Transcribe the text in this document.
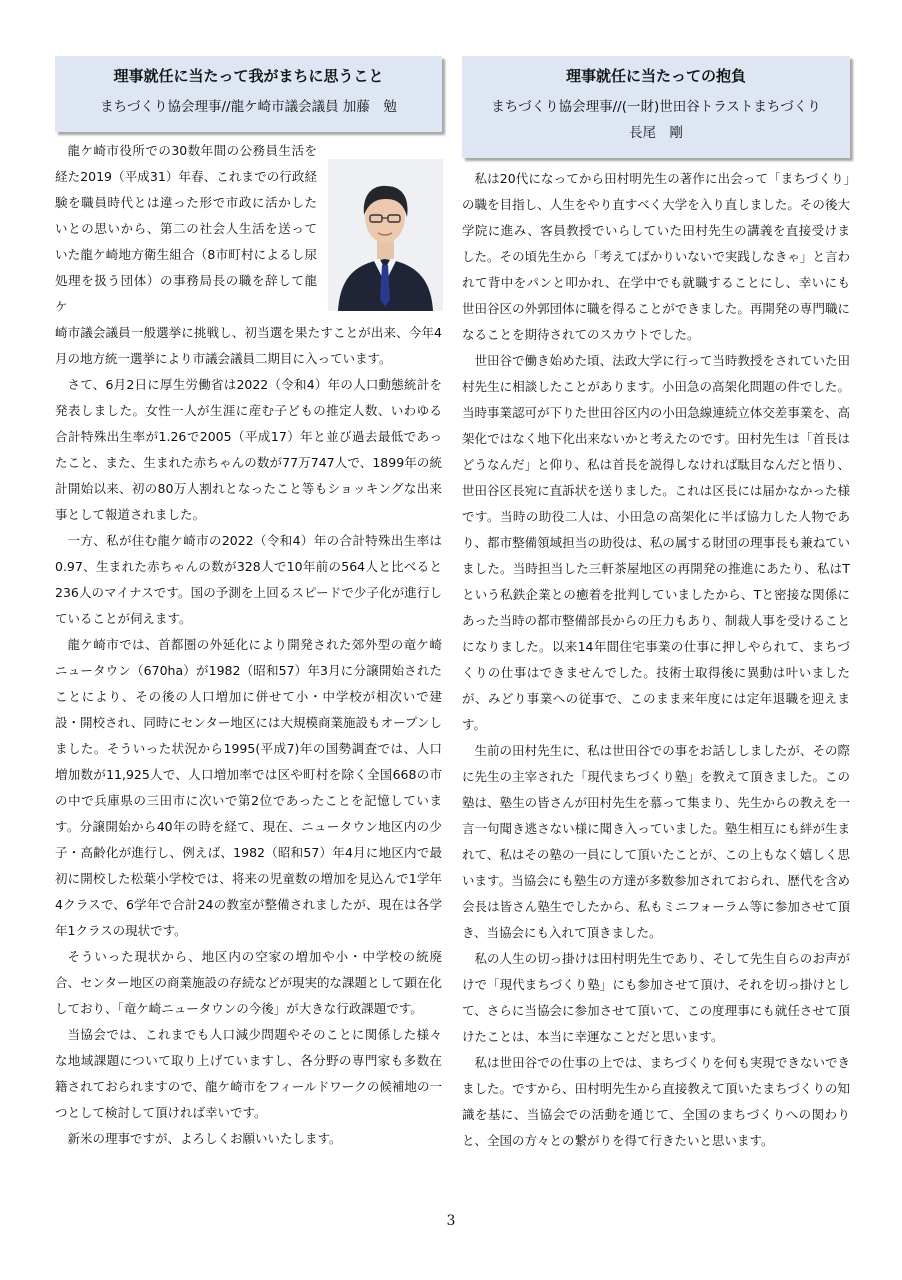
理事就任に当たって我がまちに思うこと

まちづくり協会理事//龍ケ崎市議会議員 加藤　勉

龍ケ崎市役所での30数年間の公務員生活を経た2019（平成31）年春、これまでの行政経験を職員時代とは違った形で市政に活かしたいとの思いから、第二の社会人生活を送っていた龍ケ崎地方衛生組合（8市町村によるし尿処理を扱う団体）の事務局長の職を辞して龍ケ

崎市議会議員一般選挙に挑戦し、初当選を果たすことが出来、今年4月の地方統一選挙により市議会議員二期目に入っています。

理事就任に当たっての抱負

まちづくり協会理事//(一財)世田谷トラストまちづくり

長尾　剛

私は20代になってから田村明先生の著作に出会って「まちづくり」の職を目指し、人生をやり直すべく大学を入り直しました。その後大学院に進み、客員教授でいらしていた田村先生の講義を直接受けました。その頃先生から「考えてばかりいないで実践しなきゃ」と言われて背中をパンと叩かれ、在学中でも就職することにし、幸いにも世田谷区の外郭団体に職を得ることができました。再開発の専門職になることを期待されてのスカウトでした。

世田谷で働き始めた頃、法政大学に行って当時教授をされていた田村先生に相談したことがあります。小田急の高架化問題の件でした。当時事業認可が下りた世田谷区内の小田急線連続立体交差事業を、高架化ではなく地下化出来ないかと考えたのです。田村先生は「首長はどうなんだ」と仰り、私は首長を説得しなければ駄目なんだと悟り、世田谷区長宛に直訴状を送りました。これは区長には届かなかった様です。当時の助役二人は、小田急の高架化に半ば協力した人物であり、都市整備領域担当の助役は、私の属する財団の理事長も兼ねていました。当時担当した三軒茶屋地区の再開発の推進にあたり、私はTという私鉄企業との癒着を批判していましたから、Tと密接な関係にあった当時の都市整備部長からの圧力もあり、制裁人事を受けることになりました。以来14年間住宅事業の仕事に押しやられて、まちづくりの仕事はできませんでした。技術士取得後に異動は叶いましたが、みどり事業への従事で、このまま来年度には定年退職を迎えます。

生前の田村先生に、私は世田谷での事をお話ししましたが、その際に先生の主宰された「現代まちづくり塾」を教えて頂きました。この塾は、塾生の皆さんが田村先生を慕って集まり、先生からの教えを一言一句聞き逃さない様に聞き入っていました。塾生相互にも絆が生まれて、私はその塾の一員にして頂いたことが、この上もなく嬉しく思います。当協会にも塾生の方達が多数参加されておられ、歴代を含め会長は皆さん塾生でしたから、私もミニフォーラム等に参加させて頂き、当協会にも入れて頂きました。

私の人生の切っ掛けは田村明先生であり、そして先生自らのお声がけで「現代まちづくり塾」にも参加させて頂け、それを切っ掛けとして、さらに当協会に参加させて頂いて、この度理事にも就任させて頂けたことは、本当に幸運なことだと思います。

私は世田谷での仕事の上では、まちづくりを何も実現できないできました。ですから、田村明先生から直接教えて頂いたまちづくりの知識を基に、当協会での活動を通じて、全国のまちづくりへの関わりと、全国の方々との繋がりを得て行きたいと思います。

さて、6月2日に厚生労働省は2022（令和4）年の人口動態統計を発表しました。女性一人が生涯に産む子どもの推定人数、いわゆる合計特殊出生率が1.26で2005（平成17）年と並び過去最低であったこと、また、生まれた赤ちゃんの数が77万747人で、1899年の統計開始以来、初の80万人割れとなったこと等もショッキングな出来事として報道されました。

一方、私が住む龍ケ崎市の2022（令和4）年の合計特殊出生率は0.97、生まれた赤ちゃんの数が328人で10年前の564人と比べると236人のマイナスです。国の予測を上回るスピードで少子化が進行していることが伺えます。

龍ケ崎市では、首都圏の外延化により開発された郊外型の竜ケ崎ニュータウン（670ha）が1982（昭和57）年3月に分譲開始されたことにより、その後の人口増加に併せて小・中学校が相次いで建設・開校され、同時にセンター地区には大規模商業施設もオープンしました。そういった状況から1995(平成7)年の国勢調査では、人口増加数が11,925人で、人口増加率では区や町村を除く全国668の市の中で兵庫県の三田市に次いで第2位であったことを記憶しています。分譲開始から40年の時を経て、現在、ニュータウン地区内の少子・高齢化が進行し、例えば、1982（昭和57）年4月に地区内で最初に開校した松葉小学校では、将来の児童数の増加を見込んで1学年4クラスで、6学年で合計24の教室が整備されましたが、現在は各学年1クラスの現状です。

そういった現状から、地区内の空家の増加や小・中学校の統廃合、センター地区の商業施設の存続などが現実的な課題として顕在化しており、「竜ケ崎ニュータウンの今後」が大きな行政課題です。

当協会では、これまでも人口減少問題やそのことに関係した様々な地域課題について取り上げていますし、各分野の専門家も多数在籍されておられますので、龍ケ崎市をフィールドワークの候補地の一つとして検討して頂ければ幸いです。

新米の理事ですが、よろしくお願いいたします。

3
